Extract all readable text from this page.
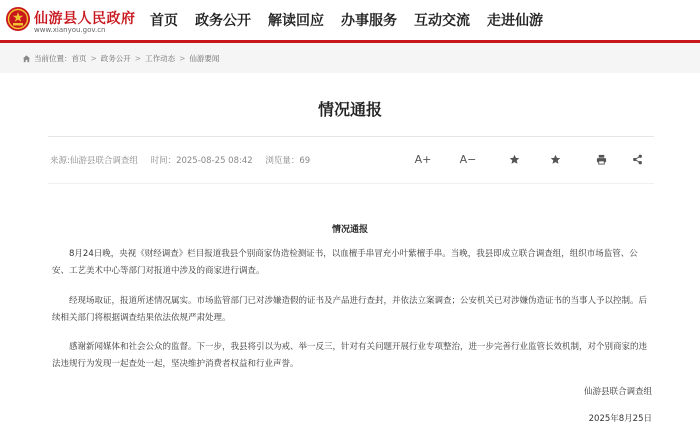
仙游县人民政府
www.xianyou.gov.cn
首页 政务公开 解读回应 办事服务 互动交流 走进仙游
当前位置： 首页 > 政务公开 > 工作动态 > 仙游要闻
情况通报
来源:仙游县联合调查组 时间：2025-08-25 08:42 浏览量：69	A+	A−
情况通报

8月24日晚，央视《财经调查》栏目报道我县个别商家伪造检测证书，以血檀手串冒充小叶紫檀手串。当晚，我县即成立联合调查组，组织市场监管、公安、工艺美术中心等部门对报道中涉及的商家进行调查。

经现场取证，报道所述情况属实。市场监管部门已对涉嫌造假的证书及产品进行查封，并依法立案调查；公安机关已对涉嫌伪造证书的当事人予以控制。后续相关部门将根据调查结果依法依规严肃处理。

感谢新闻媒体和社会公众的监督。下一步，我县将引以为戒、举一反三，针对有关问题开展行业专项整治，进一步完善行业监管长效机制，对个别商家的违法违规行为发现一起查处一起，坚决维护消费者权益和行业声誉。

仙游县联合调查组
2025年8月25日
